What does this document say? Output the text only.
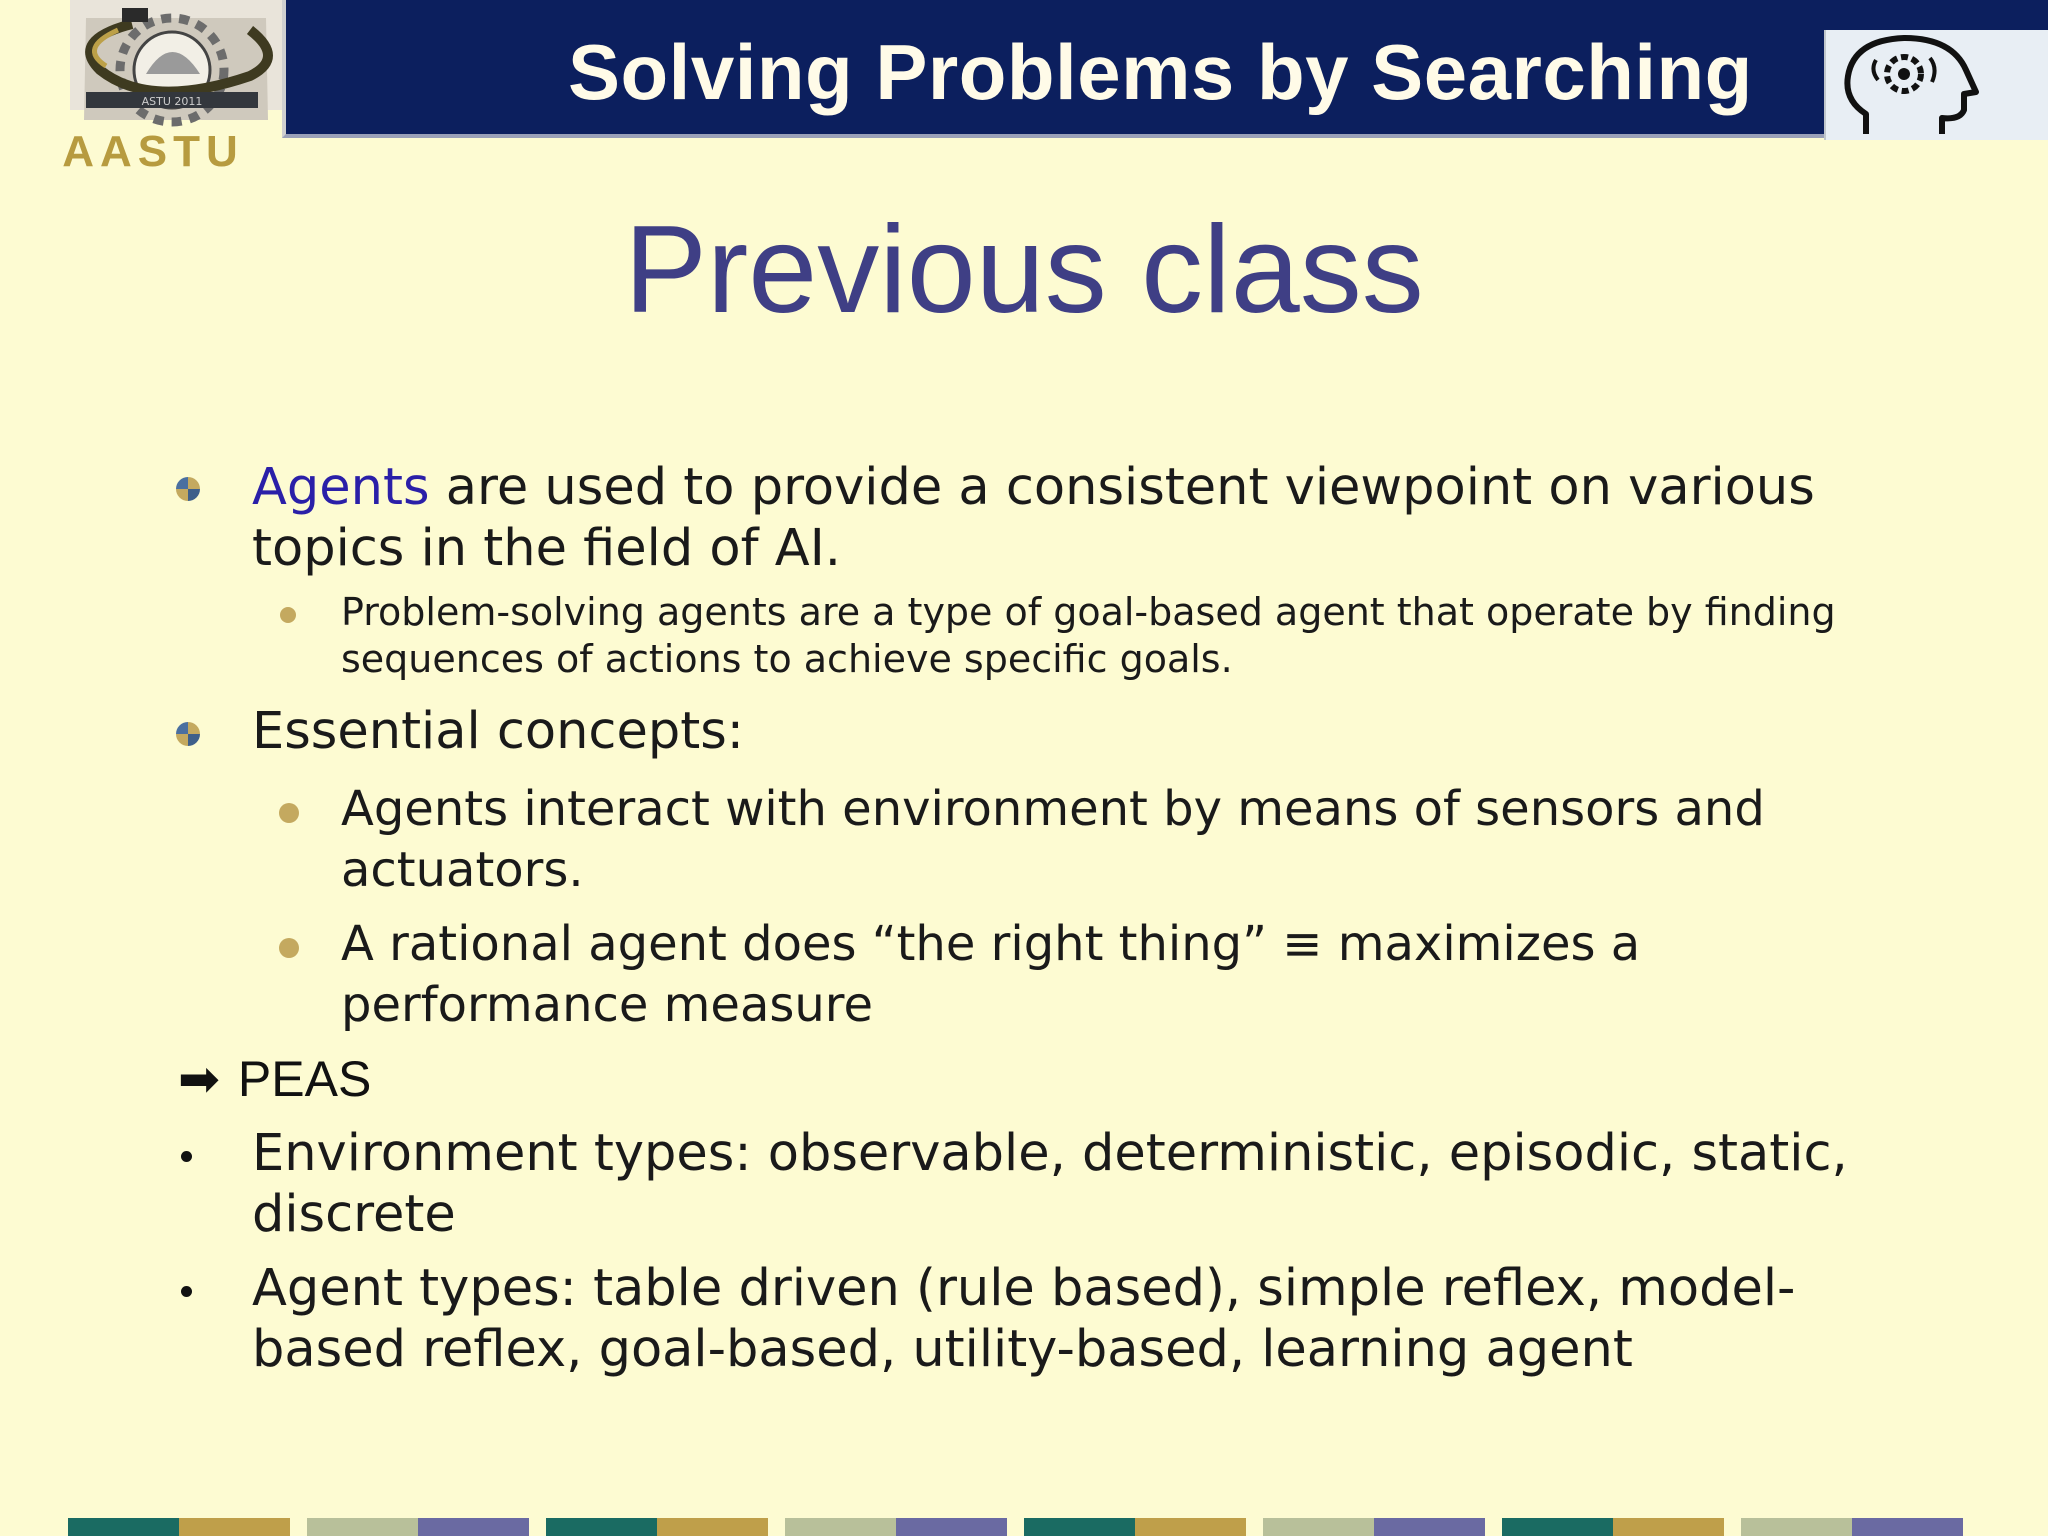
ASTU 2011
AASTU
Solving Problems by Searching
Previous class
Agents are used to provide a consistent viewpoint on various topics in the field of AI.
Problem-solving agents are a type of goal-based agent that operate by finding sequences of actions to achieve specific goals.
Essential concepts:
Agents interact with environment by means of sensors and actuators.
A rational agent does “the right thing” ≡ maximizes a performance measure
➡ PEAS
Environment types: observable, deterministic, episodic, static, discrete
Agent types: table driven (rule based), simple reflex, model-based reflex, goal-based, utility-based, learning agent
